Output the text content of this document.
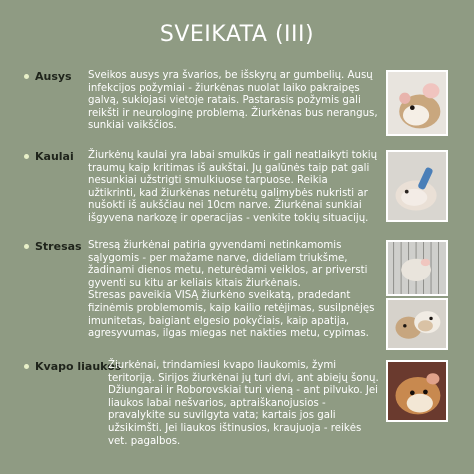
SVEIKATA (III)
Ausys Sveikos ausys yra švarios, be išskyrų ar gumbelių. Ausų infekcijos požymiai - žiurkėnas nuolat laiko pakraipęs galvą, sukiojasi vietoje ratais. Pastarasis požymis gali reikšti ir neurologinę problemą. Žiurkėnas bus nerangus, sunkiai vaikščios.

Kaulai Žiurkėnų kaulai yra labai smulkūs ir gali neatlaikyti tokių traumų kaip kritimas iš aukštai. Jų galūnės taip pat gali nesunkiai užstrigti smulkiuose tarpuose. Reikia užtikrinti, kad žiurkėnas neturėtų galimybės nukristi ar nušokti iš aukščiau nei 10cm narve. Žiurkėnai sunkiai išgyvena narkozę ir operacijas - venkite tokių situacijų.

Stresas Stresą žiurkėnai patiria gyvendami netinkamomis sąlygomis - per mažame narve, dideliam triukšme, žadinami dienos metu, neturėdami veiklos, ar priversti gyventi su kitu ar keliais kitais žiurkėnais.

Stresas paveikia VISĄ žiurkėno sveikatą, pradedant fizinėmis problemomis, kaip kailio retėjimas, susilpnėjęs imunitetas, baigiant elgesio pokyčiais, kaip apatija, agresyvumas, ilgas miegas net nakties metu, cypimas.

Kvapo liaukos

Žiurkėnai, trindamiesi kvapo liaukomis, žymi teritoriją. Sirijos žiurkėnai jų turi dvi, ant abiejų šonų. Džiungarai ir Roborovskiai turi vieną - ant pilvuko. Jei liaukos labai nešvarios, aptraiškanojusios - pravalykite su suvilgyta vata; kartais jos gali užsikimšti. Jei liaukos ištinusios, kraujuoja - reikės vet. pagalbos.
